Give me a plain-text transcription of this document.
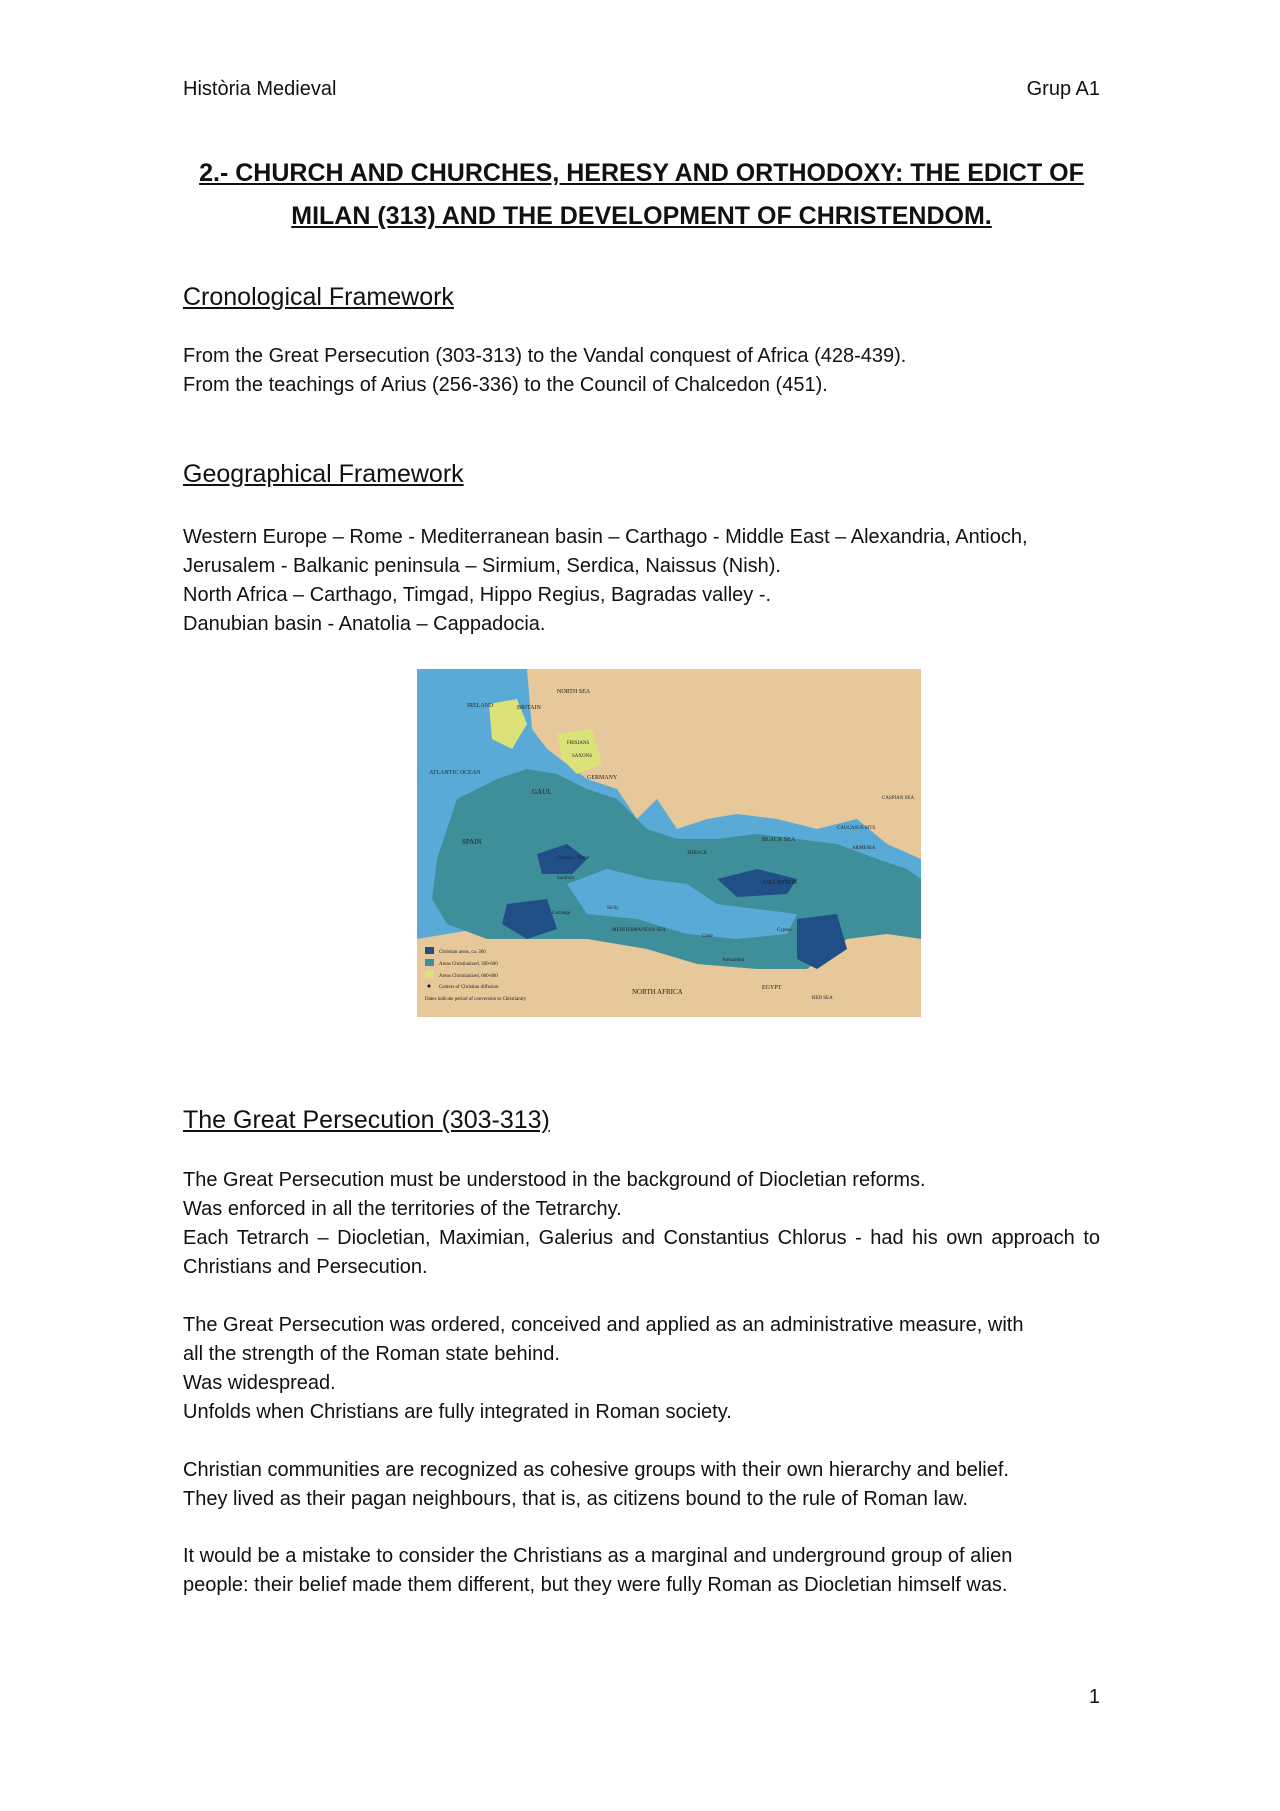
Història Medieval	Grup A1
2.- CHURCH AND CHURCHES, HERESY AND ORTHODOXY: THE EDICT OF
MILAN (313) AND THE DEVELOPMENT OF CHRISTENDOM.
Cronological Framework
From the Great Persecution (303-313) to the Vandal conquest of Africa (428-439).
From the teachings of Arius (256-336) to the Council of Chalcedon (451).
Geographical Framework
Western Europe – Rome - Mediterranean basin – Carthago - Middle East – Alexandria, Antioch,
Jerusalem - Balkanic peninsula – Sirmium, Serdica, Naissus (Nish).
North Africa – Carthago, Timgad, Hippo Regius, Bagradas valley -.
Danubian basin - Anatolia – Cappadocia.
NORTH SEA
BRITAIN
IRELAND
ATLANTIC OCEAN
GAUL
GERMANY
FRISIANS
SAXONS
SPAIN	BLACK SEA
CAUCASUS MTS
CASPIAN SEA
ARMENIA
THRACE
ASIA MINOR
MEDITERRANEAN SEA
NORTH AFRICA	EGYPT
RED SEA
Rome
Carthage
Alexandria
Cyprus
Crete
Sicily
Sardinia
Corsica
Christian areas, ca. 300
Areas Christianized, 300-600
Areas Christianized, 600-800
Centers of Christian diffusion
Dates indicate period of conversion to Christianity
The Great Persecution (303-313)
The Great Persecution must be understood in the background of Diocletian reforms.
Was enforced in all the territories of the Tetrarchy.
Each Tetrarch – Diocletian, Maximian, Galerius and Constantius Chlorus - had his own approach to Christians and Persecution.
The Great Persecution was ordered, conceived and applied as an administrative measure, with
all the strength of the Roman state behind.
Was widespread.
Unfolds when Christians are fully integrated in Roman society.
Christian communities are recognized as cohesive groups with their own hierarchy and belief.
They lived as their pagan neighbours, that is, as citizens bound to the rule of Roman law.
It would be a mistake to consider the Christians as a marginal and underground group of alien
people: their belief made them different, but they were fully Roman as Diocletian himself was.
1
